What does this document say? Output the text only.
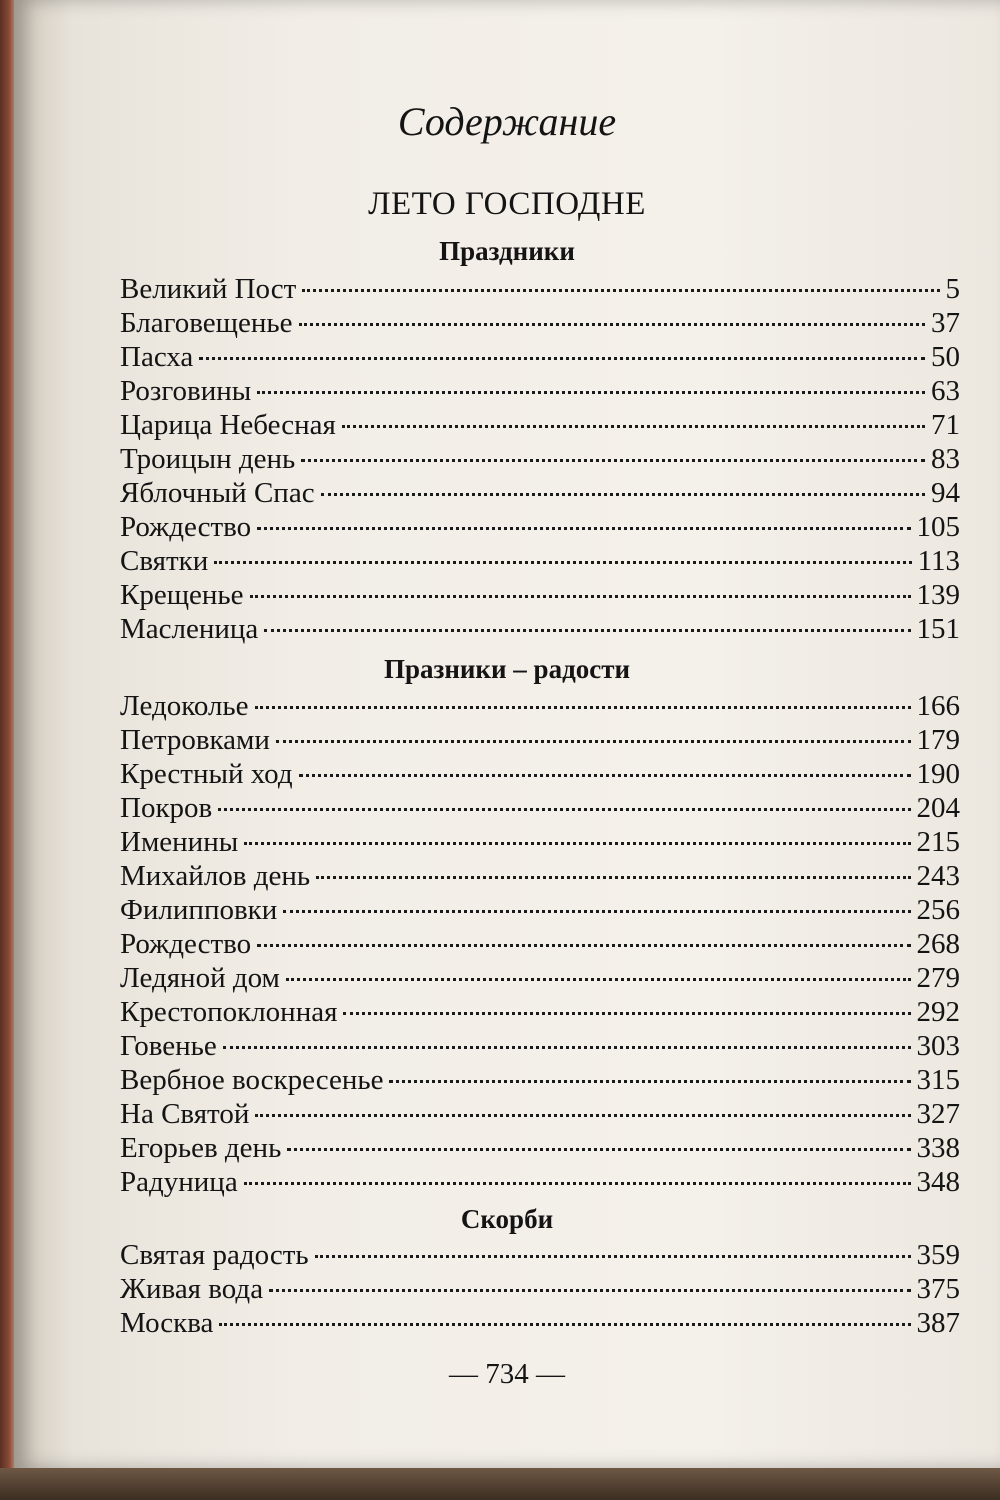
Содержание
ЛЕТО ГОСПОДНЕ
Праздники
Великий Пост	5
Благовещенье	37
Пасха	50
Розговины	63
Царица Небесная	71
Троицын день	83
Яблочный Спас	94
Рождество	105
Святки	113
Крещенье	139
Масленица	151
Празники – радости
Ледоколье	166
Петровками	179
Крестный ход	190
Покров	204
Именины	215
Михайлов день	243
Филипповки	256
Рождество	268
Ледяной дом	279
Крестопоклонная	292
Говенье	303
Вербное воскресенье	315
На Святой	327
Егорьев день	338
Радуница	348
Скорби
Святая радость	359
Живая вода	375
Москва	387

— 734 —
